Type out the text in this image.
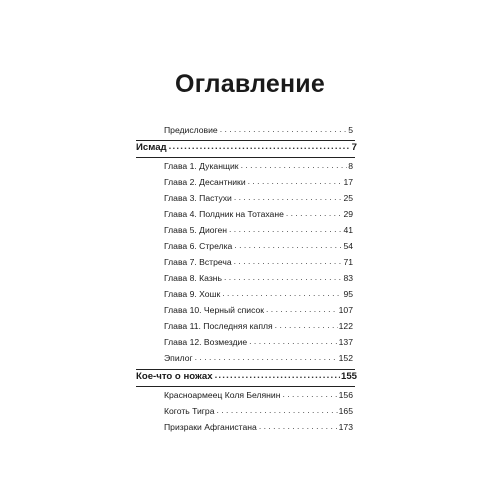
Оглавление
Предисловие . . .	5
Исмад .....	7
Глава 1. Дуканщик . . .	8
Глава 2. Десантники . . .	17
Глава 3. Пастухи . . .	25
Глава 4. Полдник на Тотахане . . .	29
Глава 5. Диоген . . .	41
Глава 6. Стрелка . . .	54
Глава 7. Встреча . . .	71
Глава 8. Казнь . . .	83
Глава 9. Хошк . . .	95
Глава 10. Черный список . . .	107
Глава 11. Последняя капля . . .	122
Глава 12. Возмездие . . .	137
Эпилог . . .	152
Кое-что о ножах .....	155
Красноармеец Коля Белянин . . .	156
Коготь Тигра . . .	165
Призраки Афганистана . . .	173
